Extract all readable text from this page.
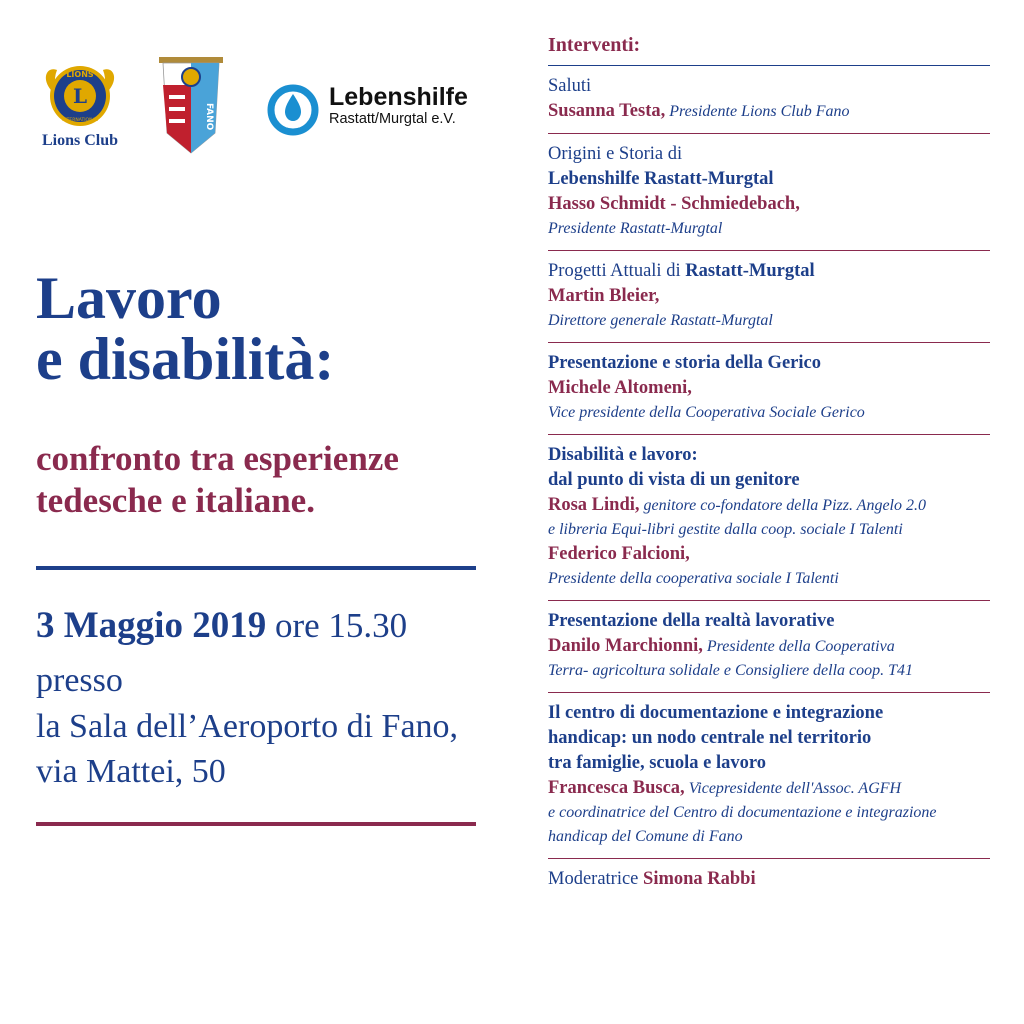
L
LIONS
INTERNATIONAL
Lions Club
FANO
Lebenshilfe
Rastatt/Murgtal e.V.
Lavoro
e disabilità:
confronto tra esperienze
tedesche e italiane.
3 Maggio 2019 ore 15.30
presso
la Sala dell’Aeroporto di Fano,
via Mattei, 50
Interventi:
Saluti
Susanna Testa, Presidente Lions Club Fano
Origini e Storia di
Lebenshilfe Rastatt-Murgtal
Hasso Schmidt - Schmiedebach,
Presidente Rastatt-Murgtal
Progetti Attuali di Rastatt-Murgtal
Martin Bleier,
Direttore generale Rastatt-Murgtal
Presentazione e storia della Gerico
Michele Altomeni,
Vice presidente della Cooperativa Sociale Gerico
Disabilità e lavoro:
dal punto di vista di un genitore
Rosa Lindi, genitore co-fondatore della Pizz. Angelo 2.0
e libreria Equi-libri gestite dalla coop. sociale I Talenti
Federico Falcioni,
Presidente della cooperativa sociale I Talenti
Presentazione della realtà lavorative
Danilo Marchionni, Presidente della Cooperativa
Terra- agricoltura solidale e Consigliere della coop. T41
Il centro di documentazione e integrazione
handicap: un nodo centrale nel territorio
tra famiglie, scuola e lavoro
Francesca Busca, Vicepresidente dell'Assoc. AGFH
e coordinatrice del Centro di documentazione e integrazione
handicap del Comune di Fano
Moderatrice Simona Rabbi
